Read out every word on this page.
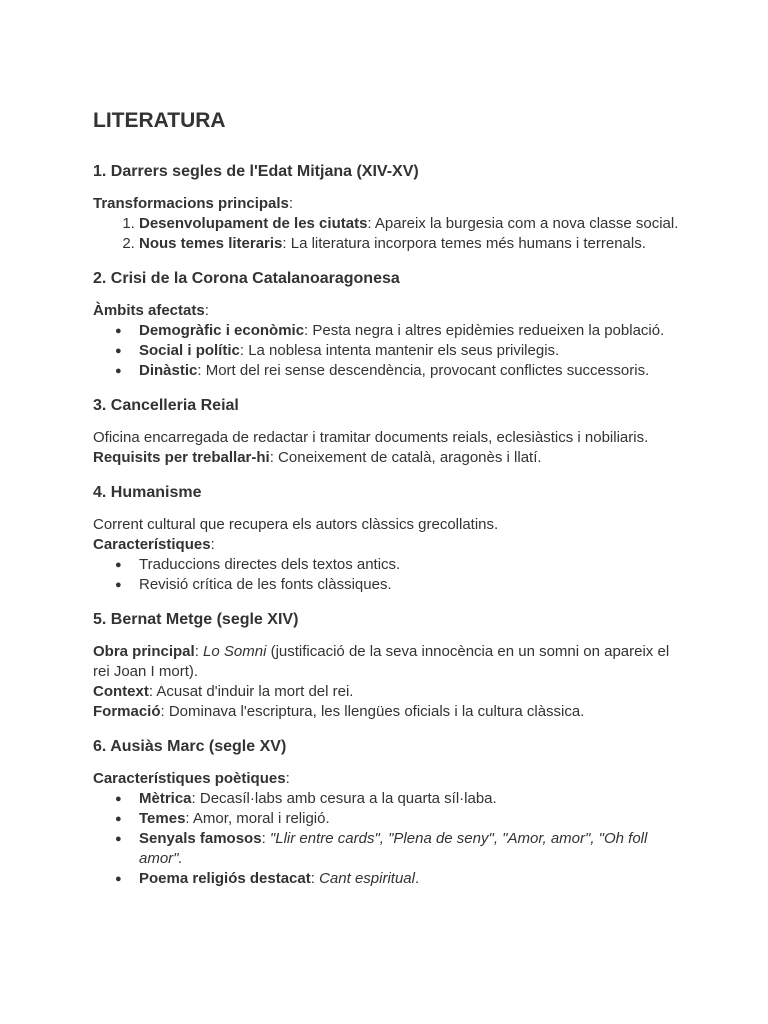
LITERATURA
1. Darrers segles de l'Edat Mitjana (XIV-XV)

Transformacions principals:

1. Desenvolupament de les ciutats: Apareix la burgesia com a nova classe social.
2. Nous temes literaris: La literatura incorpora temes més humans i terrenals.
2. Crisi de la Corona Catalanoaragonesa

Àmbits afectats:

● Demogràfic i econòmic: Pesta negra i altres epidèmies redueixen la població.
● Social i polític: La noblesa intenta mantenir els seus privilegis.
● Dinàstic: Mort del rei sense descendència, provocant conflictes successoris.
3. Cancelleria Reial

Oficina encarregada de redactar i tramitar documents reials, eclesiàstics i nobiliaris.

Requisits per treballar-hi: Coneixement de català, aragonès i llatí.

4. Humanisme

Corrent cultural que recupera els autors clàssics grecollatins.

Característiques:

● Traduccions directes dels textos antics.
● Revisió crítica de les fonts clàssiques.
5. Bernat Metge (segle XIV)

Obra principal: Lo Somni (justificació de la seva innocència en un somni on apareix el rei Joan I mort).

Context: Acusat d'induir la mort del rei.

Formació: Dominava l'escriptura, les llengües oficials i la cultura clàssica.

6. Ausiàs Marc (segle XV)

Característiques poètiques:

● Mètrica: Decasíl·labs amb cesura a la quarta síl·laba.
● Temes: Amor, moral i religió.
● Senyals famosos: "Llir entre cards", "Plena de seny", "Amor, amor", "Oh foll amor".
● Poema religiós destacat: Cant espiritual.
